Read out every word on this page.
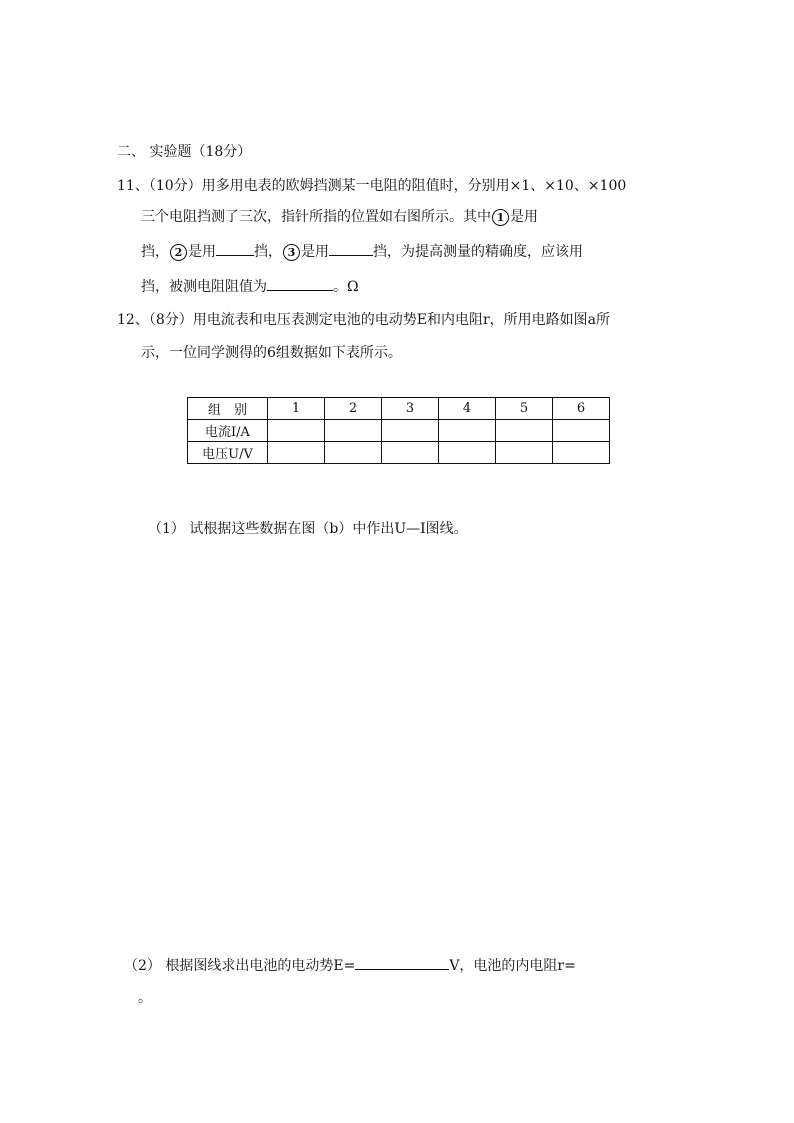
二、 实验题（18分）
11、（10分）用多用电表的欧姆挡测某一电阻的阻值时，分别用×1、×10、×100
三个电阻挡测了三次，指针所指的位置如右图所示。其中 1 是用
挡， 2 是用	挡， 3 是用	挡，为提高测量的精确度，应该用
挡，被测电阻阻值为	。Ω
12、（8分）用电流表和电压表测定电池的电动势E和内电阻r，所用电路如图a所
示，一位同学测得的6组数据如下表所示。
组　别	1	2	3	4	5	6
电流I/A						
电压U/V						
（1） 试根据这些数据在图（b）中作出U—I图线。
（2） 根据图线求出电池的电动势E=	V，电池的内电阻r=
。
